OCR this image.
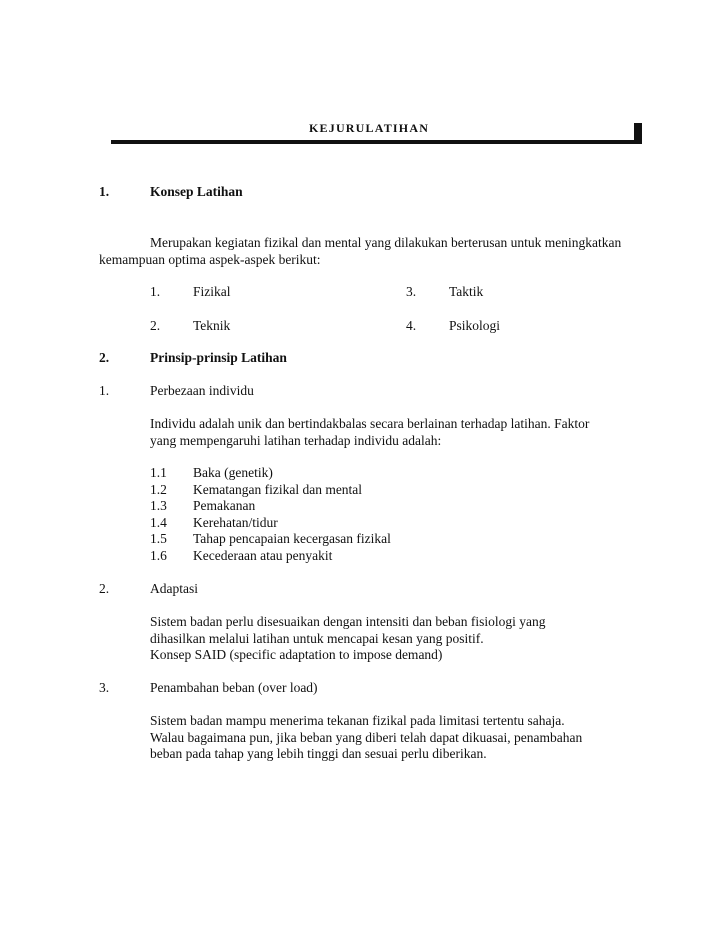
KEJURULATIHAN
1.	Konsep Latihan
Merupakan kegiatan fizikal dan mental yang dilakukan berterusan untuk meningkatkan
kemampuan optima aspek-aspek berikut:
1. Fizikal	3. Taktik
2. Teknik	4. Psikologi
2.	Prinsip-prinsip Latihan
1.	Perbezaan individu
Individu adalah unik dan bertindakbalas secara berlainan terhadap latihan. Faktor
yang mempengaruhi latihan terhadap individu adalah:
1.1 Baka (genetik)
1.2 Kematangan fizikal dan mental
1.3 Pemakanan
1.4 Kerehatan/tidur
1.5 Tahap pencapaian kecergasan fizikal
1.6 Kecederaan atau penyakit
2.	Adaptasi
Sistem badan perlu disesuaikan dengan intensiti dan beban fisiologi yang
dihasilkan melalui latihan untuk mencapai kesan yang positif.
Konsep SAID (specific adaptation to impose demand)
3.	Penambahan beban (over load)
Sistem badan mampu menerima tekanan fizikal pada limitasi tertentu sahaja.
Walau bagaimana pun, jika beban yang diberi telah dapat dikuasai, penambahan
beban pada tahap yang lebih tinggi dan sesuai perlu diberikan.
